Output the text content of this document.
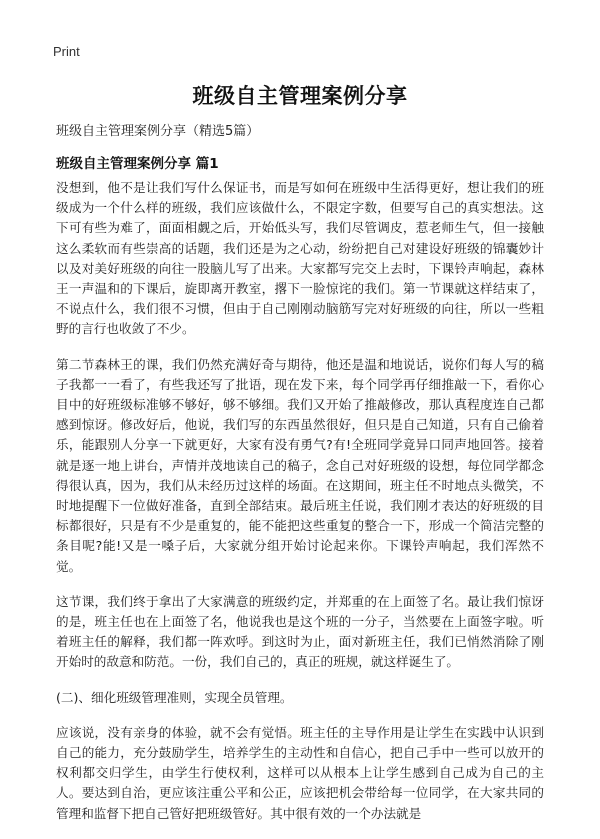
Print
班级自主管理案例分享
班级自主管理案例分享（精选5篇）
班级自主管理案例分享 篇1

没想到，他不是让我们写什么保证书，而是写如何在班级中生活得更好，想让我们的班级成为一个什么样的班级，我们应该做什么，不限定字数，但要写自己的真实想法。这下可有些为难了，面面相觑之后，开始低头写，我们尽管调皮，惹老师生气，但一接触这么柔软而有些崇高的话题，我们还是为之心动，纷纷把自己对建设好班级的锦囊妙计以及对美好班级的向往一股脑儿写了出来。大家都写完交上去时，下课铃声响起，森林王一声温和的下课后，旋即离开教室，撂下一脸惊诧的我们。第一节课就这样结束了，不说点什么，我们很不习惯，但由于自己刚刚动脑筋写完对好班级的向往，所以一些粗野的言行也收敛了不少。

第二节森林王的课，我们仍然充满好奇与期待，他还是温和地说话，说你们每人写的稿子我都一一看了，有些我还写了批语，现在发下来，每个同学再仔细推敲一下，看你心目中的好班级标准够不够好，够不够细。我们又开始了推敲修改，那认真程度连自己都感到惊讶。修改好后，他说，我们写的东西虽然很好，但只是自己知道，只有自己偷着乐，能跟别人分享一下就更好，大家有没有勇气?有!全班同学竟异口同声地回答。接着就是逐一地上讲台，声情并茂地读自己的稿子，念自己对好班级的设想，每位同学都念得很认真，因为，我们从未经历过这样的场面。在这期间，班主任不时地点头微笑，不时地提醒下一位做好准备，直到全部结束。最后班主任说，我们刚才表达的好班级的目标都很好，只是有不少是重复的，能不能把这些重复的整合一下，形成一个简洁完整的条目呢?能!又是一嗓子后，大家就分组开始讨论起来你。下课铃声响起，我们浑然不觉。

这节课，我们终于拿出了大家满意的班级约定，并郑重的在上面签了名。最让我们惊讶的是，班主任也在上面签了名，他说我也是这个班的一分子，当然要在上面签字啦。听着班主任的解释，我们都一阵欢呼。到这时为止，面对新班主任，我们已悄然消除了刚开始时的敌意和防范。一份，我们自己的，真正的班规，就这样诞生了。

(二)、细化班级管理准则，实现全员管理。

应该说，没有亲身的体验，就不会有觉悟。班主任的主导作用是让学生在实践中认识到自己的能力，充分鼓励学生，培养学生的主动性和自信心，把自己手中一些可以放开的权利都交归学生，由学生行使权利，这样可以从根本上让学生感到自己成为自己的主人。要达到自治，更应该注重公平和公正，应该把机会带给每一位同学，在大家共同的管理和监督下把自己管好把班级管好。其中很有效的一个办法就是
